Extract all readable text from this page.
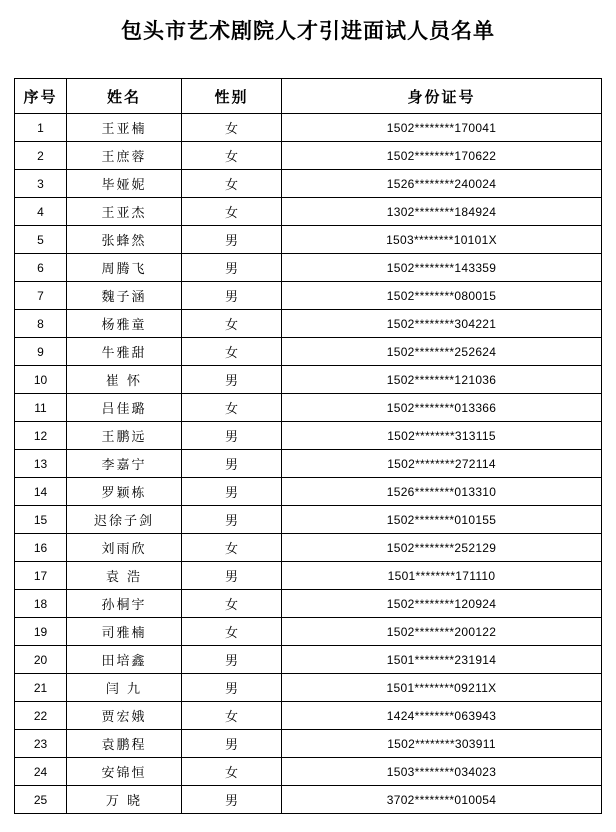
包头市艺术剧院人才引进面试人员名单
序号	姓名	性别	身份证号
1	王亚楠	女	1502********170041
2	王庶蓉	女	1502********170622
3	毕娅妮	女	1526********240024
4	王亚杰	女	1302********184924
5	张蜂然	男	1503********10101X
6	周腾飞	男	1502********143359
7	魏子涵	男	1502********080015
8	杨雅童	女	1502********304221
9	牛雅甜	女	1502********252624
10	崔 怀	男	1502********121036
11	吕佳璐	女	1502********013366
12	王鹏远	男	1502********313115
13	李嘉宁	男	1502********272114
14	罗颖栋	男	1526********013310
15	迟徐子剑	男	1502********010155
16	刘雨欣	女	1502********252129
17	袁 浩	男	1501********171110
18	孙桐宇	女	1502********120924
19	司雅楠	女	1502********200122
20	田培鑫	男	1501********231914
21	闫 九	男	1501********09211X
22	贾宏娥	女	1424********063943
23	袁鹏程	男	1502********303911
24	安锦恒	女	1503********034023
25	万 晓	男	3702********010054
